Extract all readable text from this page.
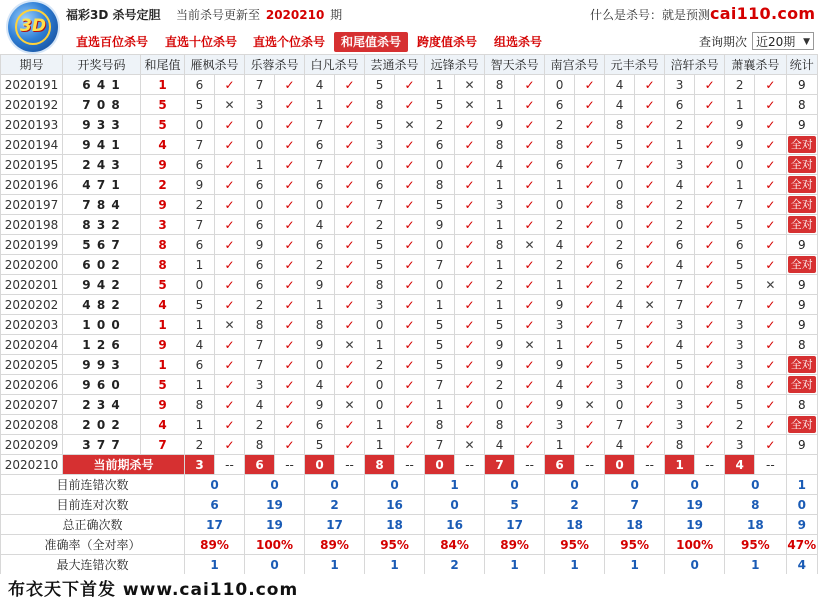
3D
福彩3D 杀号定胆 当前杀号更新至 2020210 期	什么是杀号：就是预测cai110.com
直选百位杀号 直选十位杀号 直选个位杀号	和尾值杀号	跨度值杀号 组选杀号	查询期次 近20期 ▼
期号	开奖号码	和尾值	雁枫杀号		乐蓉杀号		白凡杀号		芸通杀号		远锋杀号		智天杀号		南宫杀号		元丰杀号		涪轩杀号		萧襄杀号		统计
2020191	6 4 1	1	6	✓	7	✓	4	✓	5	✓	1	✕	8	✓	0	✓	4	✓	3	✓	2	✓	9
2020192	7 0 8	5	5	✕	3	✓	1	✓	8	✓	5	✕	1	✓	6	✓	4	✓	6	✓	1	✓	8
2020193	9 3 3	5	0	✓	0	✓	7	✓	5	✕	2	✓	9	✓	2	✓	8	✓	2	✓	9	✓	9
2020194	9 4 1	4	7	✓	0	✓	6	✓	3	✓	6	✓	8	✓	8	✓	5	✓	1	✓	9	✓	全对
2020195	2 4 3	9	6	✓	1	✓	7	✓	0	✓	0	✓	4	✓	6	✓	7	✓	3	✓	0	✓	全对
2020196	4 7 1	2	9	✓	6	✓	6	✓	6	✓	8	✓	1	✓	1	✓	0	✓	4	✓	1	✓	全对
2020197	7 8 4	9	2	✓	0	✓	0	✓	7	✓	5	✓	3	✓	0	✓	8	✓	2	✓	7	✓	全对
2020198	8 3 2	3	7	✓	6	✓	4	✓	2	✓	9	✓	1	✓	2	✓	0	✓	2	✓	5	✓	全对
2020199	5 6 7	8	6	✓	9	✓	6	✓	5	✓	0	✓	8	✕	4	✓	2	✓	6	✓	6	✓	9
2020200	6 0 2	8	1	✓	6	✓	2	✓	5	✓	7	✓	1	✓	2	✓	6	✓	4	✓	5	✓	全对
2020201	9 4 2	5	0	✓	6	✓	9	✓	8	✓	0	✓	2	✓	1	✓	2	✓	7	✓	5	✕	9
2020202	4 8 2	4	5	✓	2	✓	1	✓	3	✓	1	✓	1	✓	9	✓	4	✕	7	✓	7	✓	9
2020203	1 0 0	1	1	✕	8	✓	8	✓	0	✓	5	✓	5	✓	3	✓	7	✓	3	✓	3	✓	9
2020204	1 2 6	9	4	✓	7	✓	9	✕	1	✓	5	✓	9	✕	1	✓	5	✓	4	✓	3	✓	8
2020205	9 9 3	1	6	✓	7	✓	0	✓	2	✓	5	✓	9	✓	9	✓	5	✓	5	✓	3	✓	全对
2020206	9 6 0	5	1	✓	3	✓	4	✓	0	✓	7	✓	2	✓	4	✓	3	✓	0	✓	8	✓	全对
2020207	2 3 4	9	8	✓	4	✓	9	✕	0	✓	1	✓	0	✓	9	✕	0	✓	3	✓	5	✓	8
2020208	2 0 2	4	1	✓	2	✓	6	✓	1	✓	8	✓	8	✓	3	✓	7	✓	3	✓	2	✓	全对
2020209	3 7 7	7	2	✓	8	✓	5	✓	1	✓	7	✕	4	✓	1	✓	4	✓	8	✓	3	✓	9
2020210	当前期杀号		3	--	6	--	0	--	8	--	0	--	7	--	6	--	0	--	1	--	4	--	
目前连错次数			0		0		0		0		1		0		0		0		0		0		1
目前连对次数			6		19		2		16		0		5		2		7		19		8		0
总正确次数			17		19		17		18		16		17		18		18		19		18		9
准确率（全对率）			89%		100%		89%		95%		84%		89%		95%		95%		100%		95%		47%
最大连错次数			1		0		1		1		2		1		1		1		0		1		4

布衣天下首发 www.cai110.com
